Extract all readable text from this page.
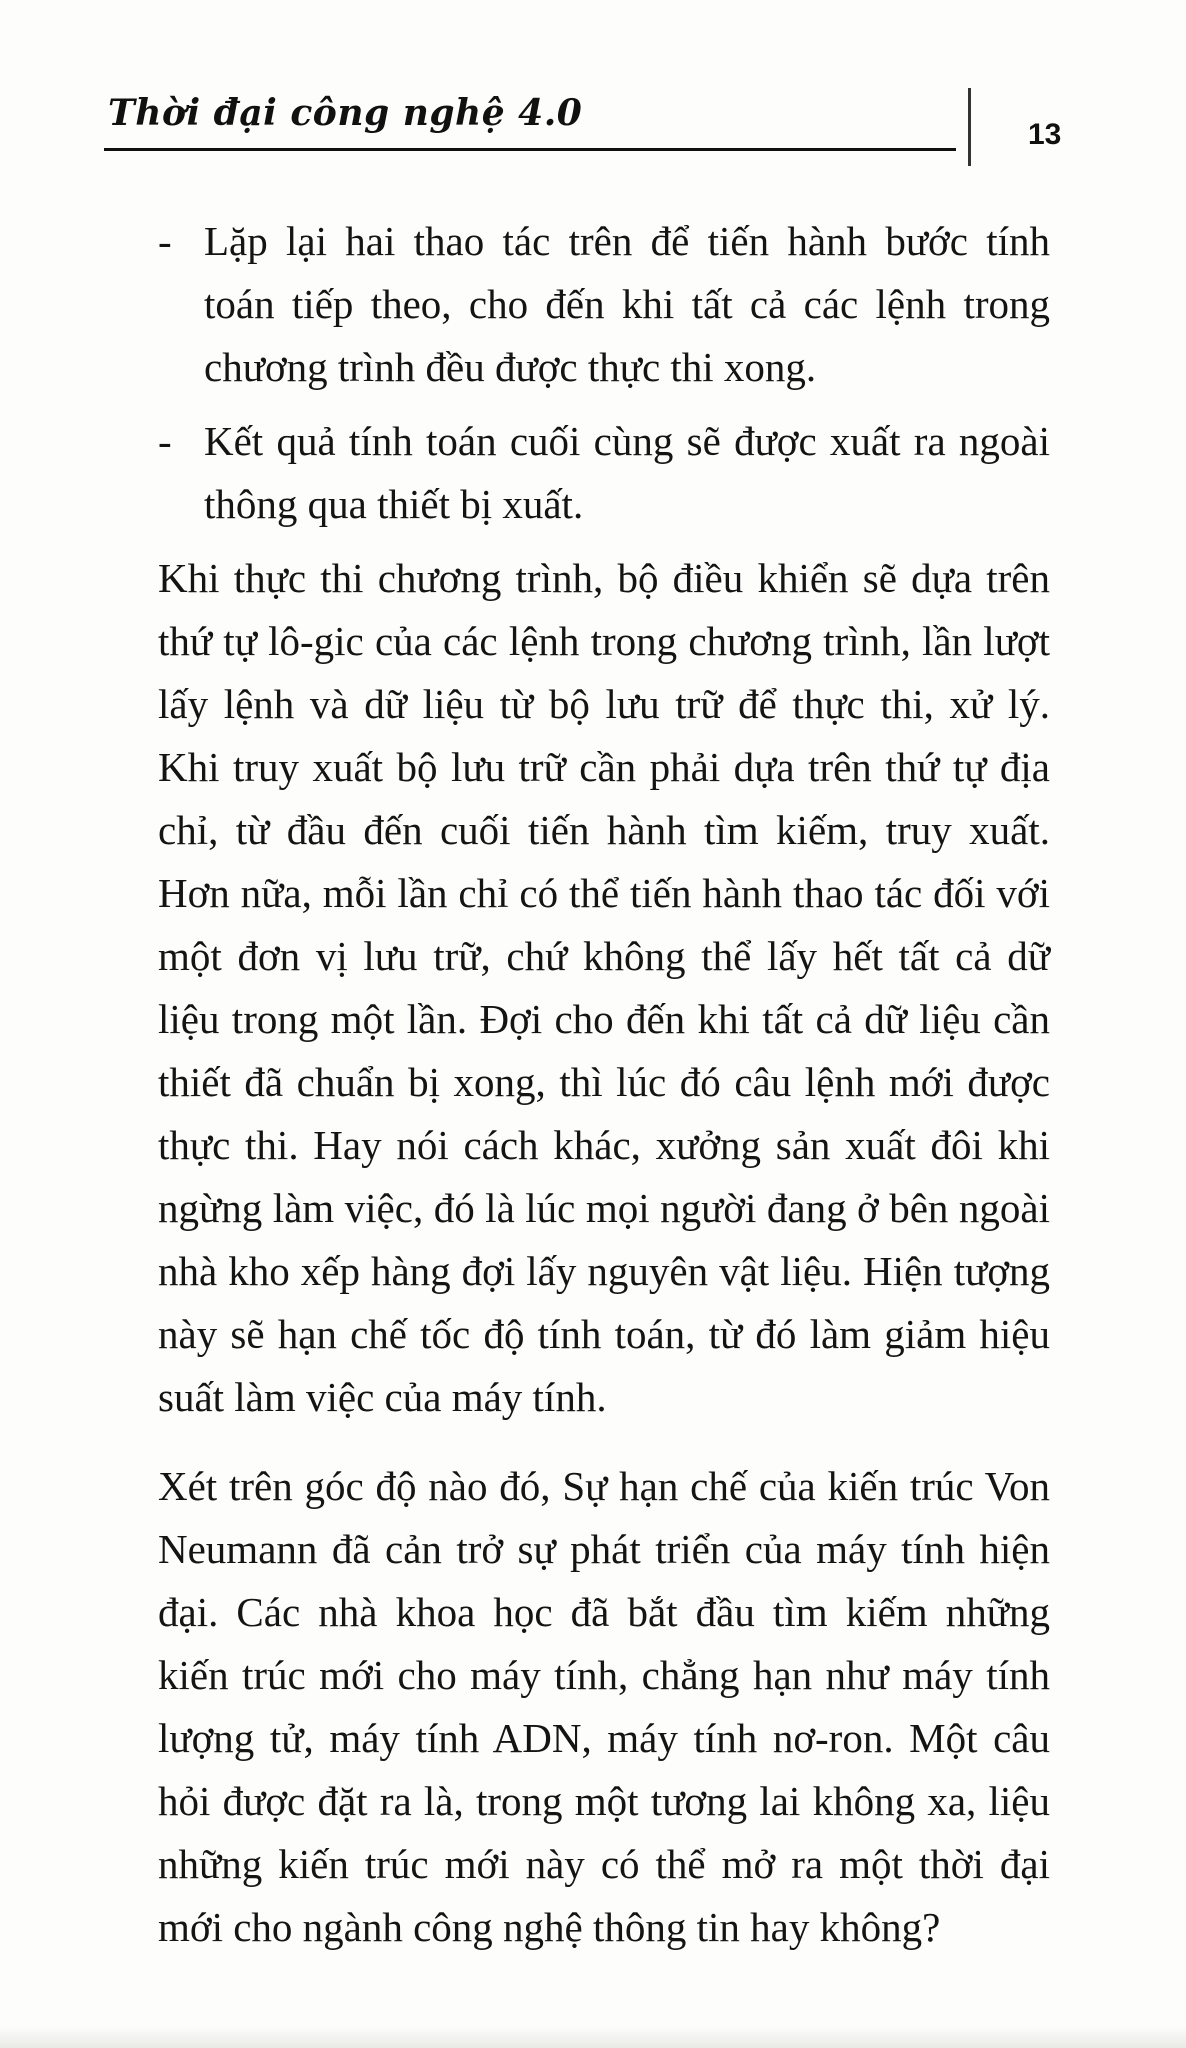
Thời đại công nghệ 4.0
13
- Lặp lại hai thao tác trên để tiến hành bước tính toán tiếp theo, cho đến khi tất cả các lệnh trong chương trình đều được thực thi xong.
- Kết quả tính toán cuối cùng sẽ được xuất ra ngoài thông qua thiết bị xuất.

Khi thực thi chương trình, bộ điều khiển sẽ dựa trên thứ tự lô-gic của các lệnh trong chương trình, lần lượt lấy lệnh và dữ liệu từ bộ lưu trữ để thực thi, xử lý. Khi truy xuất bộ lưu trữ cần phải dựa trên thứ tự địa chỉ, từ đầu đến cuối tiến hành tìm kiếm, truy xuất. Hơn nữa, mỗi lần chỉ có thể tiến hành thao tác đối với một đơn vị lưu trữ, chứ không thể lấy hết tất cả dữ liệu trong một lần. Đợi cho đến khi tất cả dữ liệu cần thiết đã chuẩn bị xong, thì lúc đó câu lệnh mới được thực thi. Hay nói cách khác, xưởng sản xuất đôi khi ngừng làm việc, đó là lúc mọi người đang ở bên ngoài nhà kho xếp hàng đợi lấy nguyên vật liệu. Hiện tượng này sẽ hạn chế tốc độ tính toán, từ đó làm giảm hiệu suất làm việc của máy tính.

Xét trên góc độ nào đó, Sự hạn chế của kiến trúc Von Neumann đã cản trở sự phát triển của máy tính hiện đại. Các nhà khoa học đã bắt đầu tìm kiếm những kiến trúc mới cho máy tính, chẳng hạn như máy tính lượng tử, máy tính ADN, máy tính nơ-ron. Một câu hỏi được đặt ra là, trong một tương lai không xa, liệu những kiến trúc mới này có thể mở ra một thời đại mới cho ngành công nghệ thông tin hay không?
